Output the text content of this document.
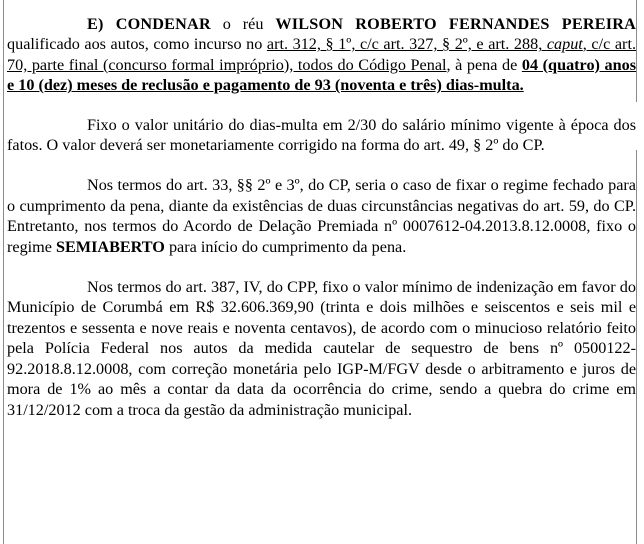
E) CONDENAR o réu WILSON ROBERTO FERNANDES PEREIRA qualificado aos autos, como incurso no art. 312, § 1º, c/c art. 327, § 2º, e art. 288, caput, c/c art. 70, parte final (concurso formal impróprio), todos do Código Penal, à pena de 04 (quatro) anos e 10 (dez) meses de reclusão e pagamento de 93 (noventa e três) dias-multa.

Fixo o valor unitário do dias-multa em 2/30 do salário mínimo vigente à época dos fatos. O valor deverá ser monetariamente corrigido na forma do art. 49, § 2º do CP.

Nos termos do art. 33, §§ 2º e 3º, do CP, seria o caso de fixar o regime fechado para o cumprimento da pena, diante da existências de duas circunstâncias negativas do art. 59, do CP. Entretanto, nos termos do Acordo de Delação Premiada nº 0007612-04.2013.8.12.0008, fixo o regime SEMIABERTO para início do cumprimento da pena.

Nos termos do art. 387, IV, do CPP, fixo o valor mínimo de indenização em favor do Município de Corumbá em R$ 32.606.369,90 (trinta e dois milhões e seiscentos e seis mil e trezentos e sessenta e nove reais e noventa centavos), de acordo com o minucioso relatório feito pela Polícia Federal nos autos da medida cautelar de sequestro de bens nº 0500122-92.2018.8.12.0008, com correção monetária pelo IGP-M/FGV desde o arbitramento e juros de mora de 1% ao mês a contar da data da ocorrência do crime, sendo a quebra do crime em 31/12/2012 com a troca da gestão da administração municipal.
